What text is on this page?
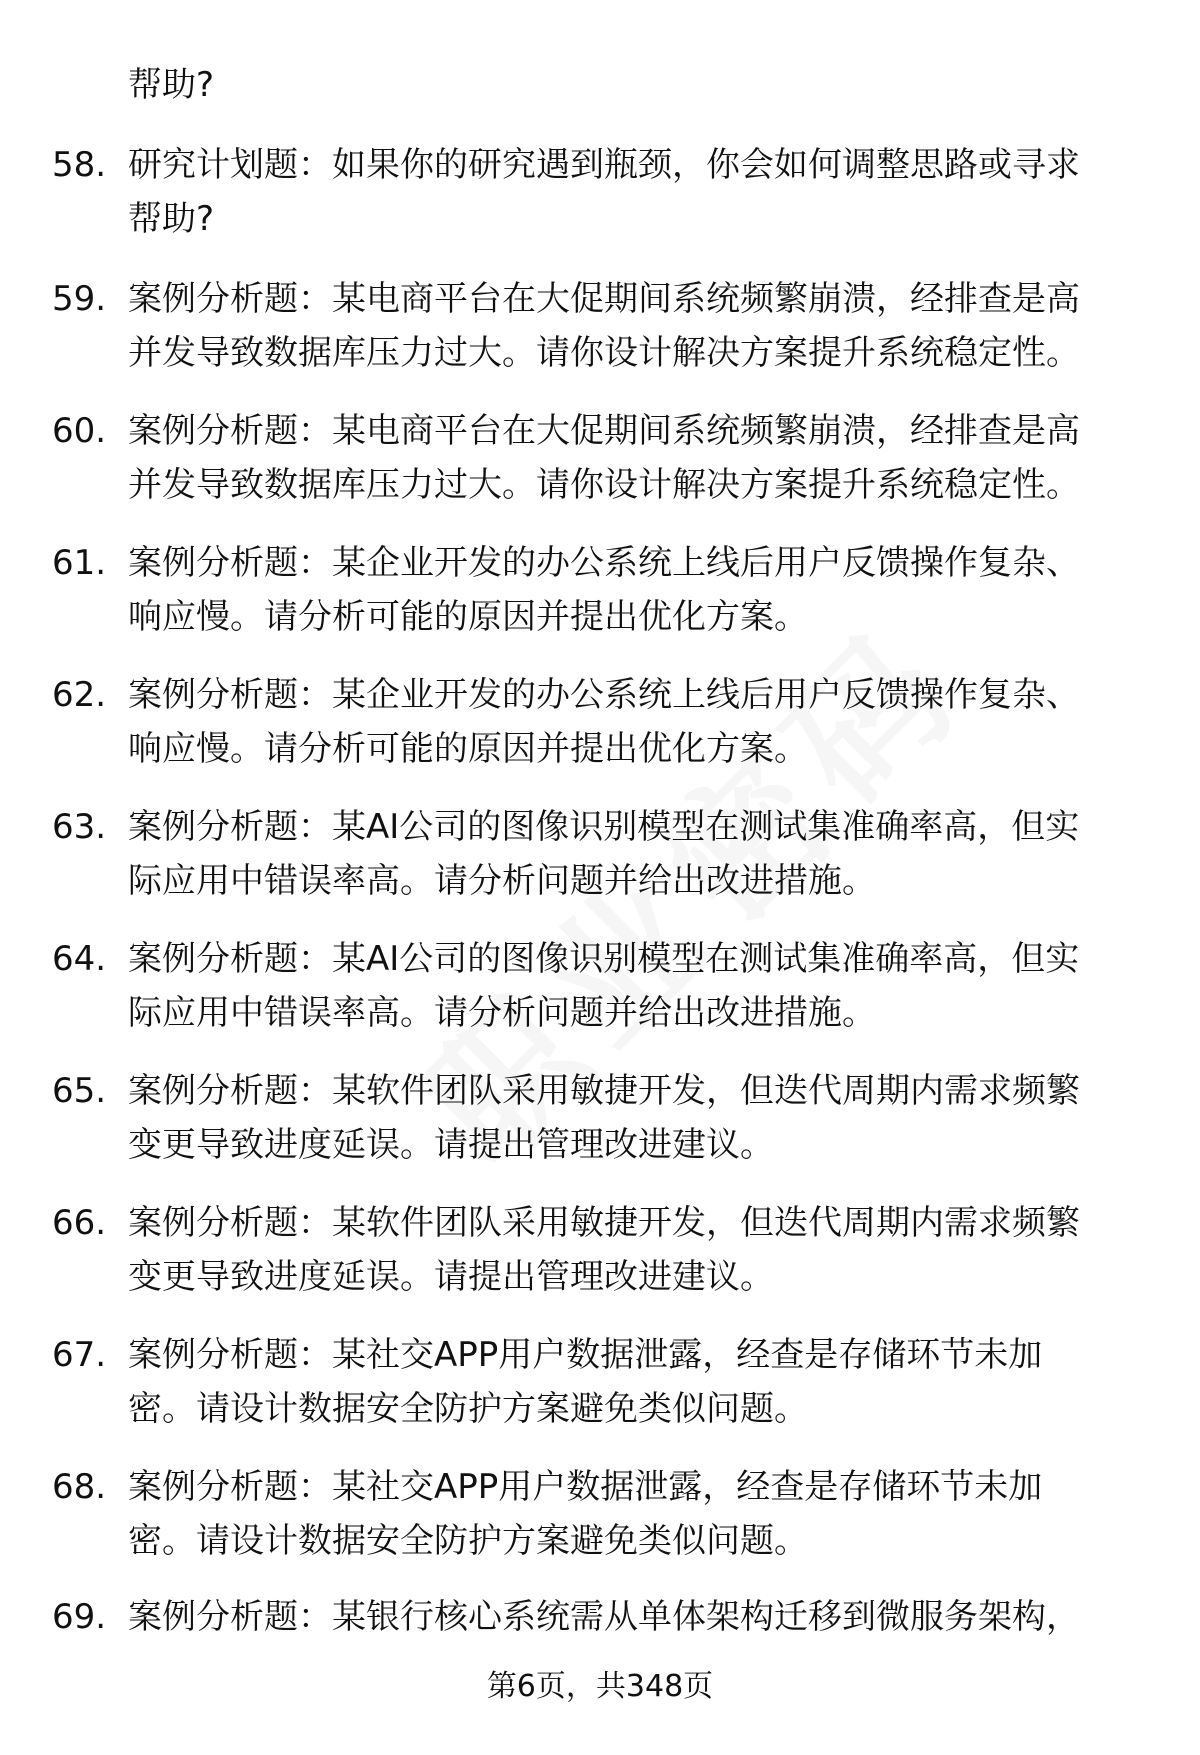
帮助?
58. 研究计划题：如果你的研究遇到瓶颈，你会如何调整思路或寻求
帮助?
59. 案例分析题：某电商平台在大促期间系统频繁崩溃，经排查是高
并发导致数据库压力过大。请你设计解决方案提升系统稳定性。
60. 案例分析题：某电商平台在大促期间系统频繁崩溃，经排查是高
并发导致数据库压力过大。请你设计解决方案提升系统稳定性。
61. 案例分析题：某企业开发的办公系统上线后用户反馈操作复杂、
响应慢。请分析可能的原因并提出优化方案。
62. 案例分析题：某企业开发的办公系统上线后用户反馈操作复杂、
响应慢。请分析可能的原因并提出优化方案。
63. 案例分析题：某AI公司的图像识别模型在测试集准确率高，但实
际应用中错误率高。请分析问题并给出改进措施。
64. 案例分析题：某AI公司的图像识别模型在测试集准确率高，但实
际应用中错误率高。请分析问题并给出改进措施。
65. 案例分析题：某软件团队采用敏捷开发，但迭代周期内需求频繁
变更导致进度延误。请提出管理改进建议。
66. 案例分析题：某软件团队采用敏捷开发，但迭代周期内需求频繁
变更导致进度延误。请提出管理改进建议。
67. 案例分析题：某社交APP用户数据泄露，经查是存储环节未加
密。请设计数据安全防护方案避免类似问题。
68. 案例分析题：某社交APP用户数据泄露，经查是存储环节未加
密。请设计数据安全防护方案避免类似问题。
69. 案例分析题：某银行核心系统需从单体架构迁移到微服务架构，
第6页，共348页
